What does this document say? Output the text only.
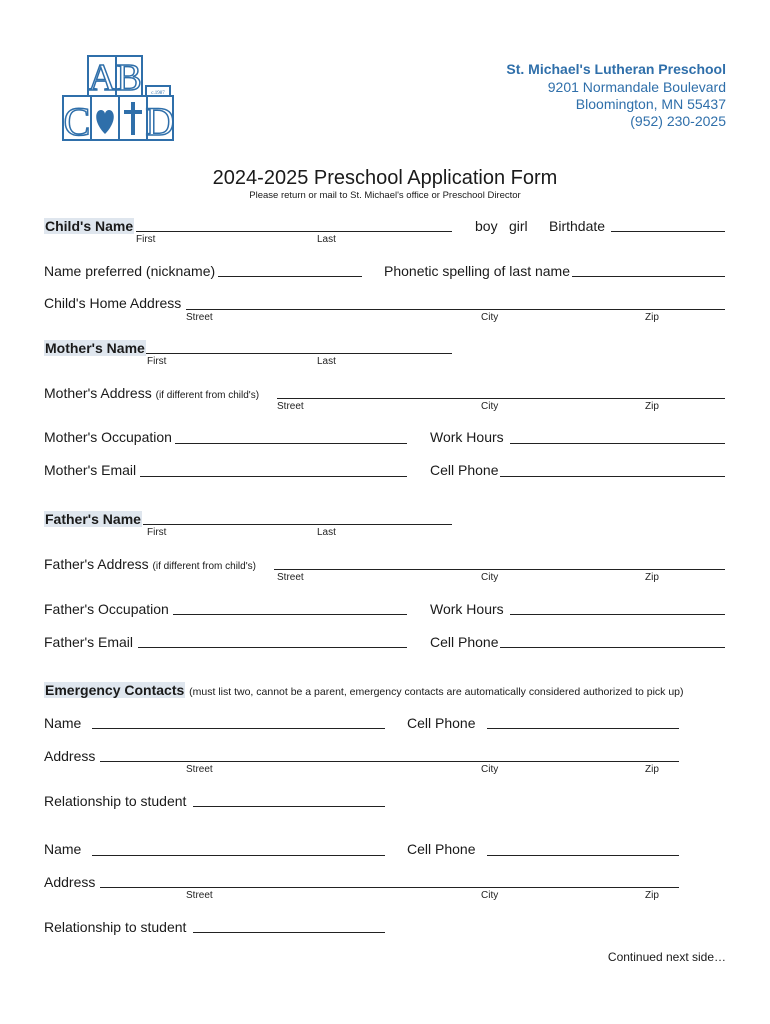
A B
C D
c.1987
St. Michael's Lutheran Preschool
9201 Normandale Boulevard
Bloomington, MN 55437
(952) 230-2025
2024-2025 Preschool Application Form
Please return or mail to St. Michael's office or Preschool Director
Child's Name
First	Last
boy girl Birthdate
Name preferred (nickname)	Phonetic spelling of last name
Child's Home Address
Street	City	Zip
Mother's Name
First	Last
Mother's Address (if different from child's)
Street	City	Zip
Mother's Occupation	Work Hours
Mother's Email	Cell Phone
Father's Name
First	Last
Father's Address (if different from child's)
Street	City	Zip
Father's Occupation	Work Hours
Father's Email	Cell Phone
Emergency Contacts (must list two, cannot be a parent, emergency contacts are automatically considered authorized to pick up)
Name	Cell Phone
Address
Street	City	Zip
Relationship to student
Name	Cell Phone
Address
Street	City	Zip
Relationship to student
Continued next side…
